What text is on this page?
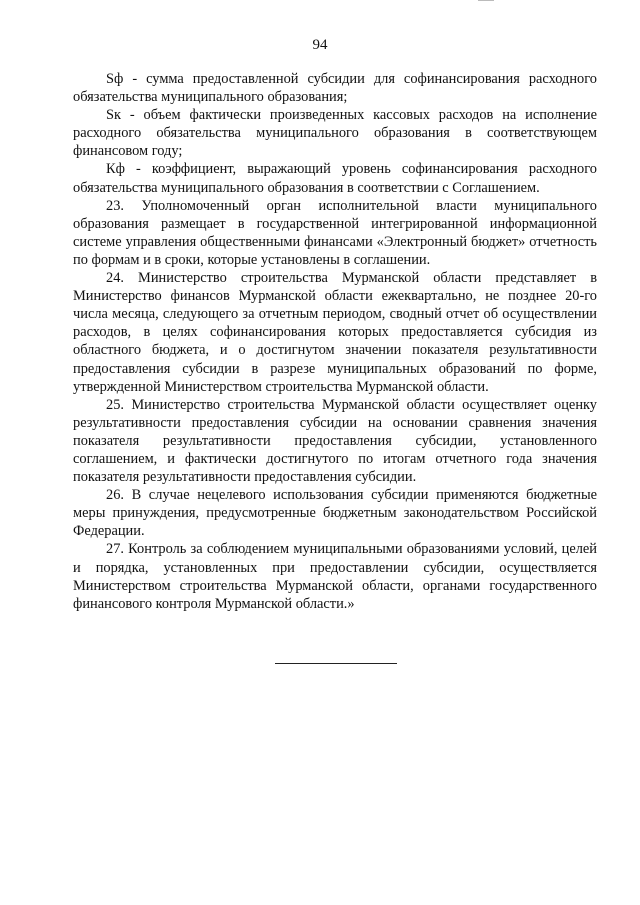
94

Sф - сумма предоставленной субсидии для софинансирования расходного обязательства муниципального образования;

Sк - объем фактически произведенных кассовых расходов на исполнение расходного обязательства муниципального образования в соответствующем финансовом году;

Кф - коэффициент, выражающий уровень софинансирования расходного обязательства муниципального образования в соответствии с Соглашением.

23. Уполномоченный орган исполнительной власти муниципального образования размещает в государственной интегрированной информационной системе управления общественными финансами «Электронный бюджет» отчетность по формам и в сроки, которые установлены в соглашении.

24. Министерство строительства Мурманской области представляет в Министерство финансов Мурманской области ежеквартально, не позднее 20-го числа месяца, следующего за отчетным периодом, сводный отчет об осуществлении расходов, в целях софинансирования которых предоставляется субсидия из областного бюджета, и о достигнутом значении показателя результативности предоставления субсидии в разрезе муниципальных образований по форме, утвержденной Министерством строительства Мурманской области.

25. Министерство строительства Мурманской области осуществляет оценку результативности предоставления субсидии на основании сравнения значения показателя результативности предоставления субсидии, установленного соглашением, и фактически достигнутого по итогам отчетного года значения показателя результативности предоставления субсидии.

26. В случае нецелевого использования субсидии применяются бюджетные меры принуждения, предусмотренные бюджетным законодательством Российской Федерации.

27. Контроль за соблюдением муниципальными образованиями условий, целей и порядка, установленных при предоставлении субсидии, осуществляется Министерством строительства Мурманской области, органами государственного финансового контроля Мурманской области.»
